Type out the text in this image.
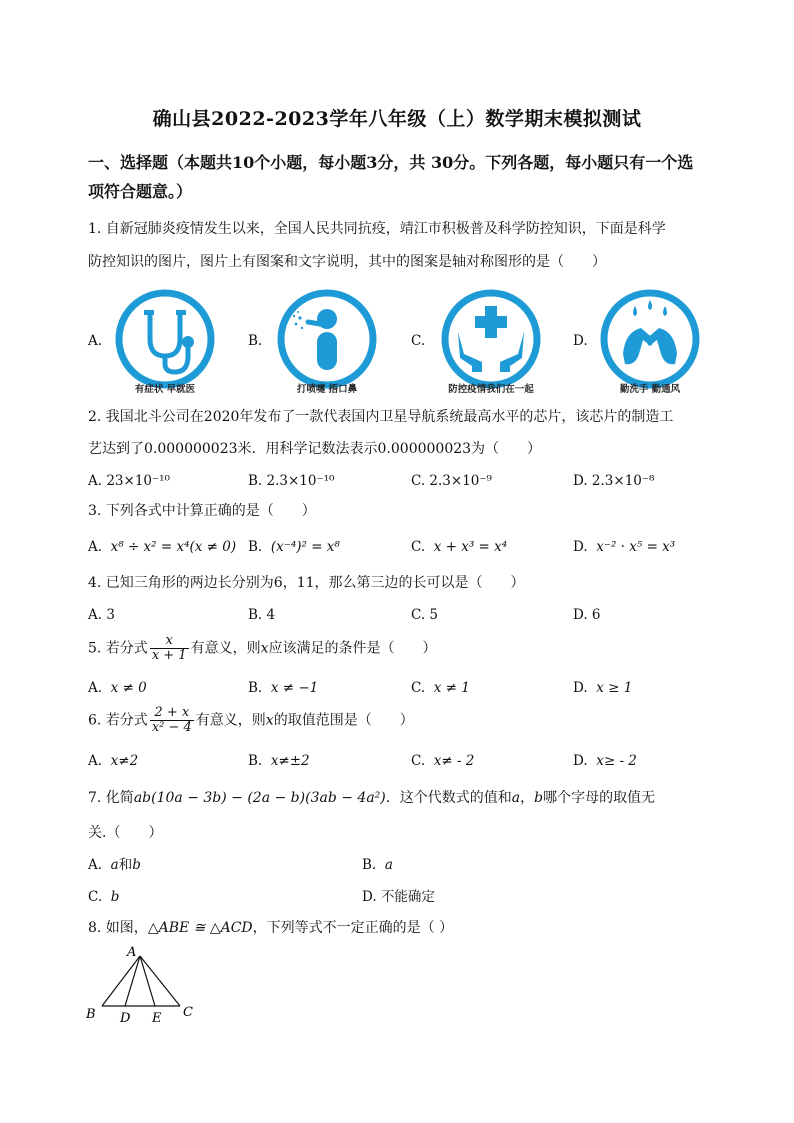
确山县2022-2023学年八年级（上）数学期末模拟测试
一、选择题（本题共10个小题，每小题3分，共 30分。下列各题，每小题只有一个选
项符合题意。）
1. 自新冠肺炎疫情发生以来，全国人民共同抗疫，靖江市积极普及科学防控知识，下面是科学
防控知识的图片，图片上有图案和文字说明，其中的图案是轴对称图形的是（　　）
A.
有症状 早就医
B.
打喷嚏 捂口鼻
C.
防控疫情我们在一起
D.
勤洗手 勤通风
2. 我国北斗公司在2020年发布了一款代表国内卫星导航系统最高水平的芯片，该芯片的制造工
艺达到了0.000000023米．用科学记数法表示0.000000023为（　　）
A. 23×10⁻¹⁰	B. 2.3×10⁻¹⁰	C. 2.3×10⁻⁹	D. 2.3×10⁻⁸
3. 下列各式中计算正确的是（　　）
A. x⁸ ÷ x² = x⁴(x ≠ 0) B. (x⁻⁴)² = x⁸	C. x + x³ = x⁴	D. x⁻² · x⁵ = x³
4. 已知三角形的两边长分别为6，11，那么第三边的长可以是（　　）
A. 3	B. 4	C. 5	D. 6
5. 若分式 $\frac{x}{x + 1}$ 有意义，则x应该满足的条件是（　　）
A. x ≠ 0	B. x ≠ −1	C. x ≠ 1	D. x ≥ 1
6. 若分式 $\frac{2 + x}{\text{x² − 4}}$ 有意义，则x的取值范围是（　　）
A. x≠2	B. x≠±2	C. x≠ - 2	D. x≥ - 2
7. 化简ab(10a − 3b) − (2a − b)(3ab − 4a²)．这个代数式的值和a，b哪个字母的取值无
关.（　　）
A. a和b	B. a
C. b	D. 不能确定
8. 如图，△ABE ≅ △ACD，下列等式不一定正确的是（ ）
A
B D E C
